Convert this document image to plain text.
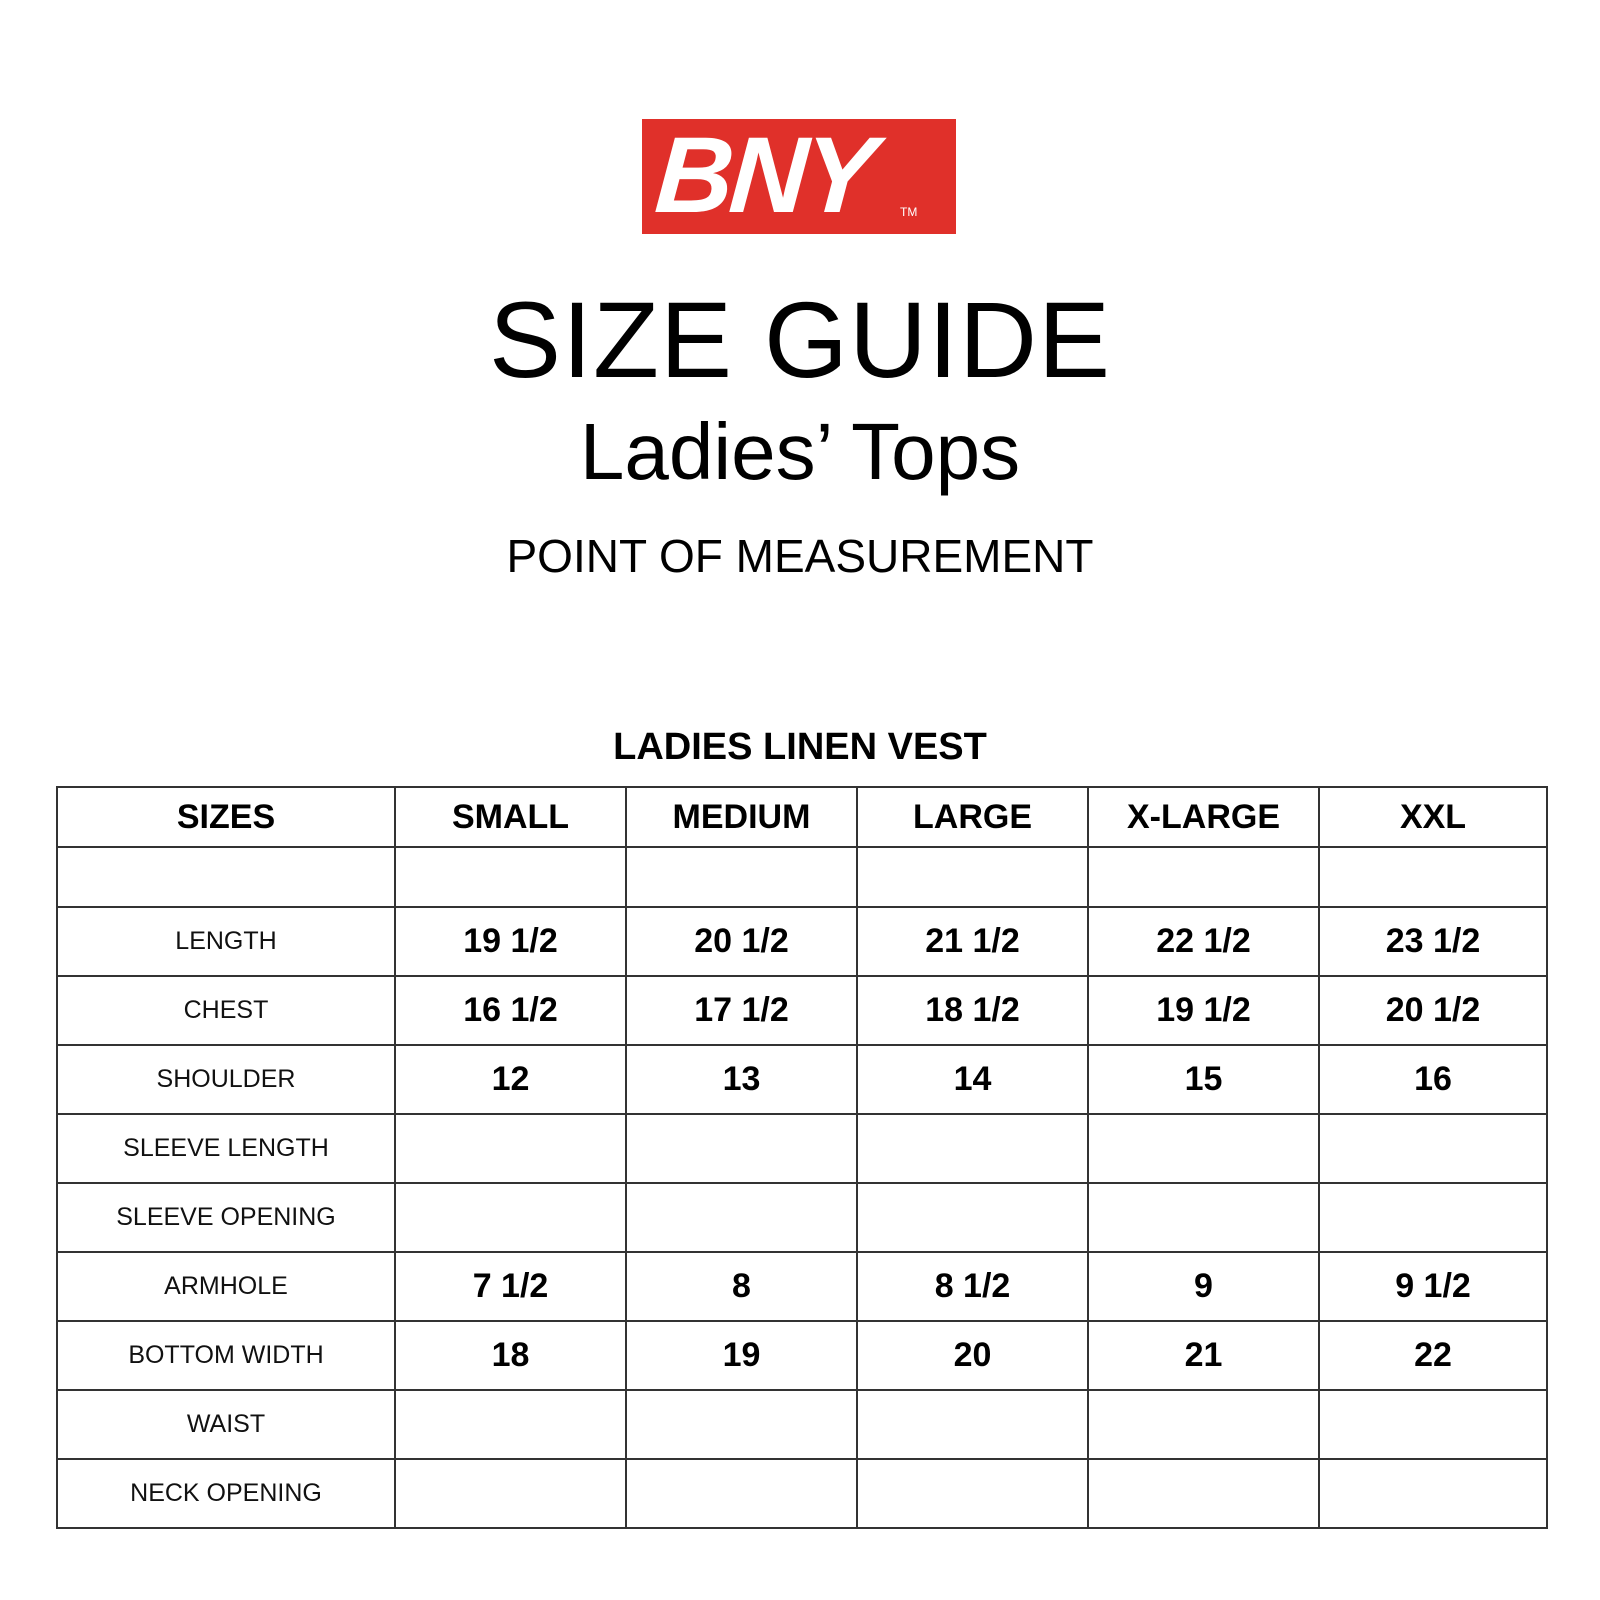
BNY TM
SIZE GUIDE
Ladies’ Tops
POINT OF MEASUREMENT
LADIES LINEN VEST
SIZES	SMALL	MEDIUM	LARGE	X-LARGE	XXL

LENGTH	19 1/2	20 1/2	21 1/2	22 1/2	23 1/2
CHEST	16 1/2	17 1/2	18 1/2	19 1/2	20 1/2
SHOULDER	12	13	14	15	16
SLEEVE LENGTH					
SLEEVE OPENING					
ARMHOLE	7 1/2	8	8 1/2	9	9 1/2
BOTTOM WIDTH	18	19	20	21	22
WAIST					
NECK OPENING					
